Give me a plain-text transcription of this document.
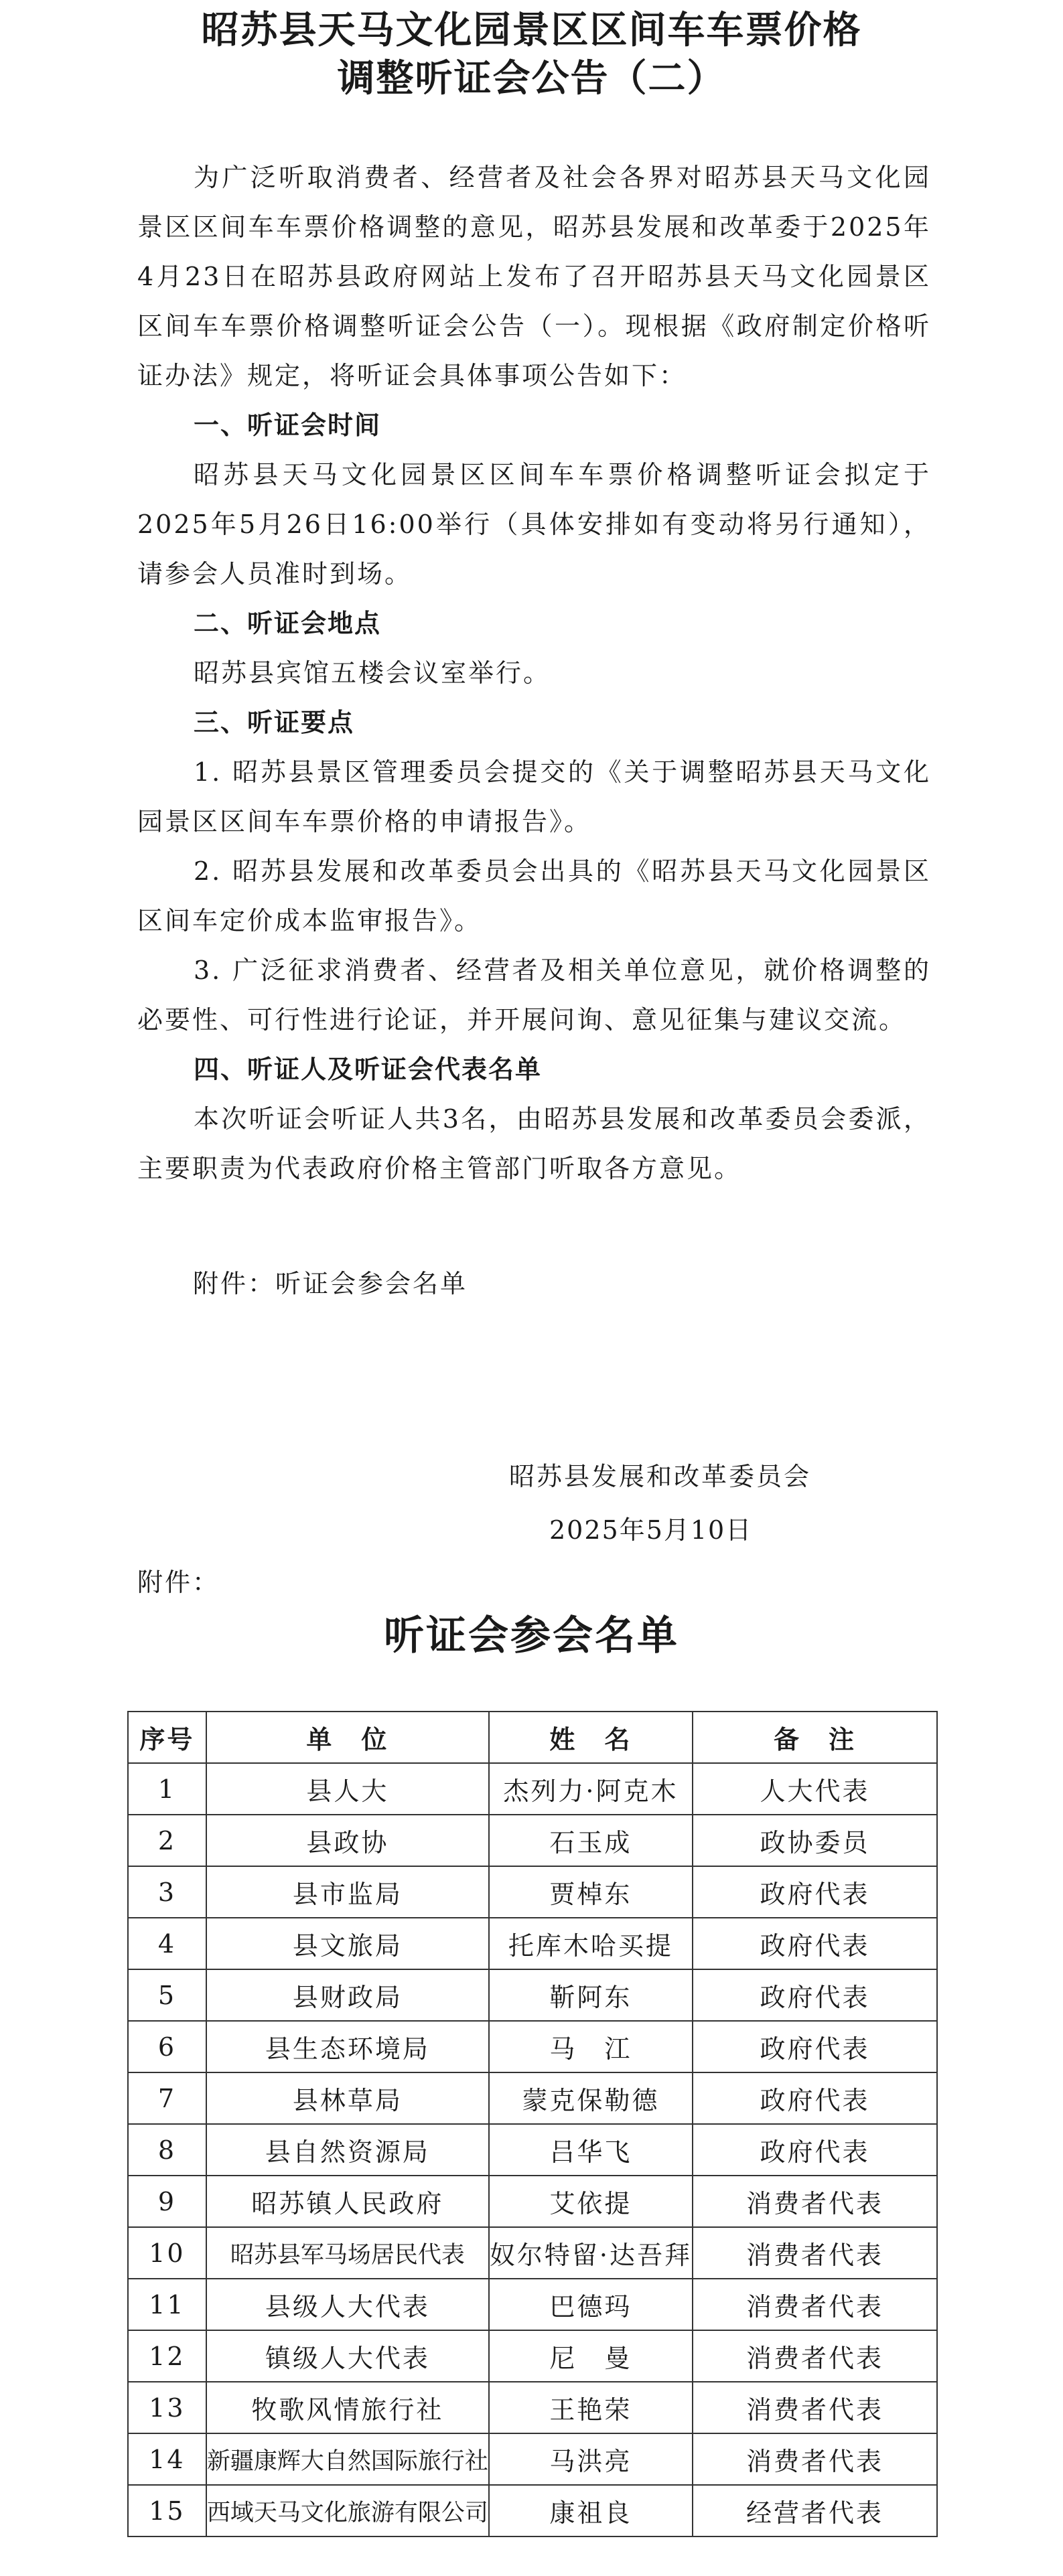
昭苏县天马文化园景区区间车车票价格
调整听证会公告（二）

为广泛听取消费者、经营者及社会各界对昭苏县天马文化园景区区间车车票价格调整的意见，昭苏县发展和改革委于2025年4月23日在昭苏县政府网站上发布了召开昭苏县天马文化园景区区间车车票价格调整听证会公告（一）。现根据《政府制定价格听证办法》规定，将听证会具体事项公告如下：

一、听证会时间

昭苏县天马文化园景区区间车车票价格调整听证会拟定于2025年5月26日16:00举行（具体安排如有变动将另行通知），请参会人员准时到场。

二、听证会地点

昭苏县宾馆五楼会议室举行。

三、听证要点

1. 昭苏县景区管理委员会提交的《关于调整昭苏县天马文化园景区区间车车票价格的申请报告》。

2. 昭苏县发展和改革委员会出具的《昭苏县天马文化园景区区间车定价成本监审报告》。

3. 广泛征求消费者、经营者及相关单位意见，就价格调整的必要性、可行性进行论证，并开展问询、意见征集与建议交流。

四、听证人及听证会代表名单

本次听证会听证人共3名，由昭苏县发展和改革委员会委派，主要职责为代表政府价格主管部门听取各方意见。

附件：听证会参会名单
昭苏县发展和改革委员会
2025年5月10日
附件：
听证会参会名单
序号	单　位	姓　名	备　注
1	县人大	杰列力·阿克木	人大代表
2	县政协	石玉成	政协委员
3	县市监局	贾棹东	政府代表
4	县文旅局	托库木哈买提	政府代表
5	县财政局	靳阿东	政府代表
6	县生态环境局	马　江	政府代表
7	县林草局	蒙克保勒德	政府代表
8	县自然资源局	吕华飞	政府代表
9	昭苏镇人民政府	艾依提	消费者代表
10	昭苏县军马场居民代表	奴尔特留·达吾拜	消费者代表
11	县级人大代表	巴德玛	消费者代表
12	镇级人大代表	尼　曼	消费者代表
13	牧歌风情旅行社	王艳荣	消费者代表
14	新疆康辉大自然国际旅行社	马洪亮	消费者代表
15	西域天马文化旅游有限公司	康祖良	经营者代表
